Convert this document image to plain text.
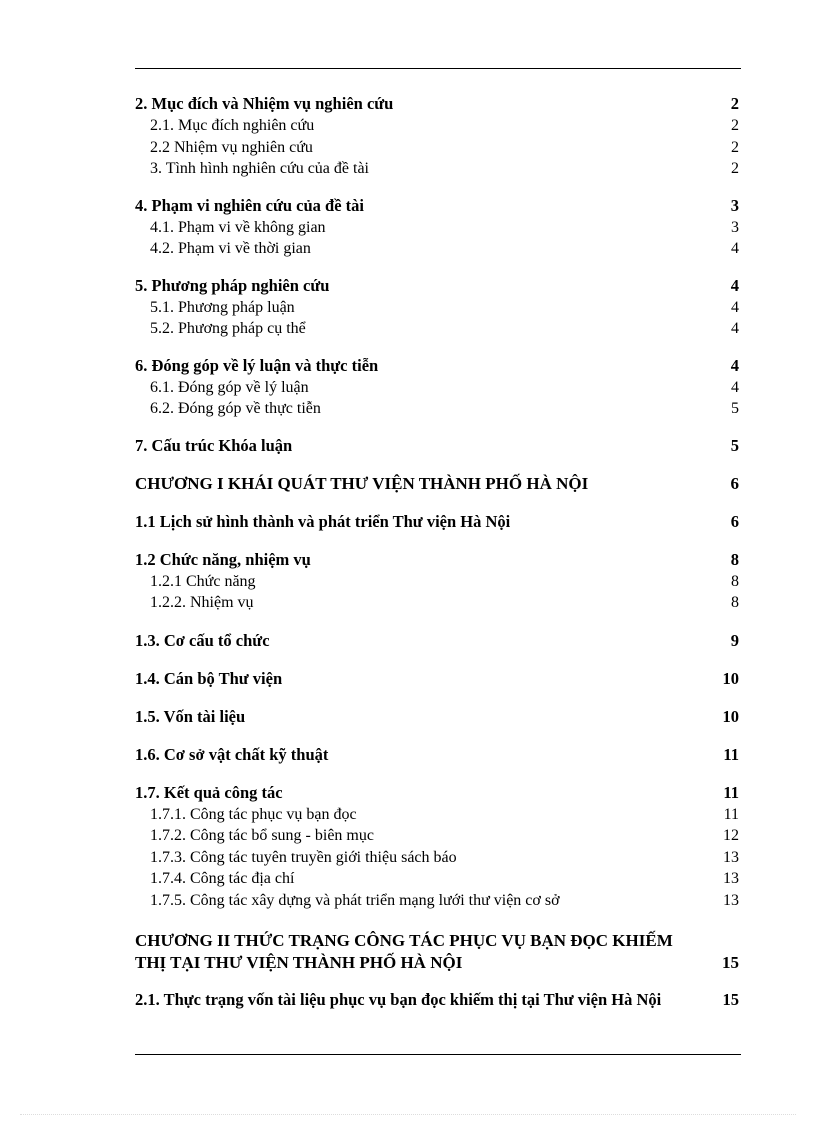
2. Mục đích và Nhiệm vụ nghiên cứu	2
2.1. Mục đích nghiên cứu	2
2.2 Nhiệm vụ nghiên cứu	2
3. Tình hình nghiên cứu của đề tài	2
4. Phạm vi nghiên cứu của đề tài	3
4.1. Phạm vi về không gian	3
4.2. Phạm vi về thời gian	4
5. Phương pháp nghiên cứu	4
5.1. Phương pháp luận	4
5.2. Phương pháp cụ thể	4
6. Đóng góp về lý luận và thực tiễn	4
6.1. Đóng góp về lý luận	4
6.2. Đóng góp về thực tiễn	5
7. Cấu trúc Khóa luận	5
CHƯƠNG I KHÁI QUÁT THƯ VIỆN THÀNH PHỐ HÀ NỘI	6
1.1 Lịch sử hình thành và phát triển Thư viện Hà Nội	6
1.2 Chức năng, nhiệm vụ	8
1.2.1 Chức năng	8
1.2.2. Nhiệm vụ	8
1.3. Cơ cấu tổ chức	9
1.4. Cán bộ Thư viện	10
1.5. Vốn tài liệu	10
1.6. Cơ sở vật chất kỹ thuật	11
1.7. Kết quả công tác	11
1.7.1. Công tác phục vụ bạn đọc	11
1.7.2. Công tác bổ sung - biên mục	12
1.7.3. Công tác tuyên truyền giới thiệu sách báo	13
1.7.4. Công tác địa chí	13
1.7.5. Công tác xây dựng và phát triển mạng lưới thư viện cơ sở	13
CHƯƠNG II THỨC TRẠNG CÔNG TÁC PHỤC VỤ BẠN ĐỌC KHIẾM THỊ TẠI THƯ VIỆN THÀNH PHỐ HÀ NỘI	15
2.1. Thực trạng vốn tài liệu phục vụ bạn đọc khiếm thị tại Thư viện Hà Nội	15
